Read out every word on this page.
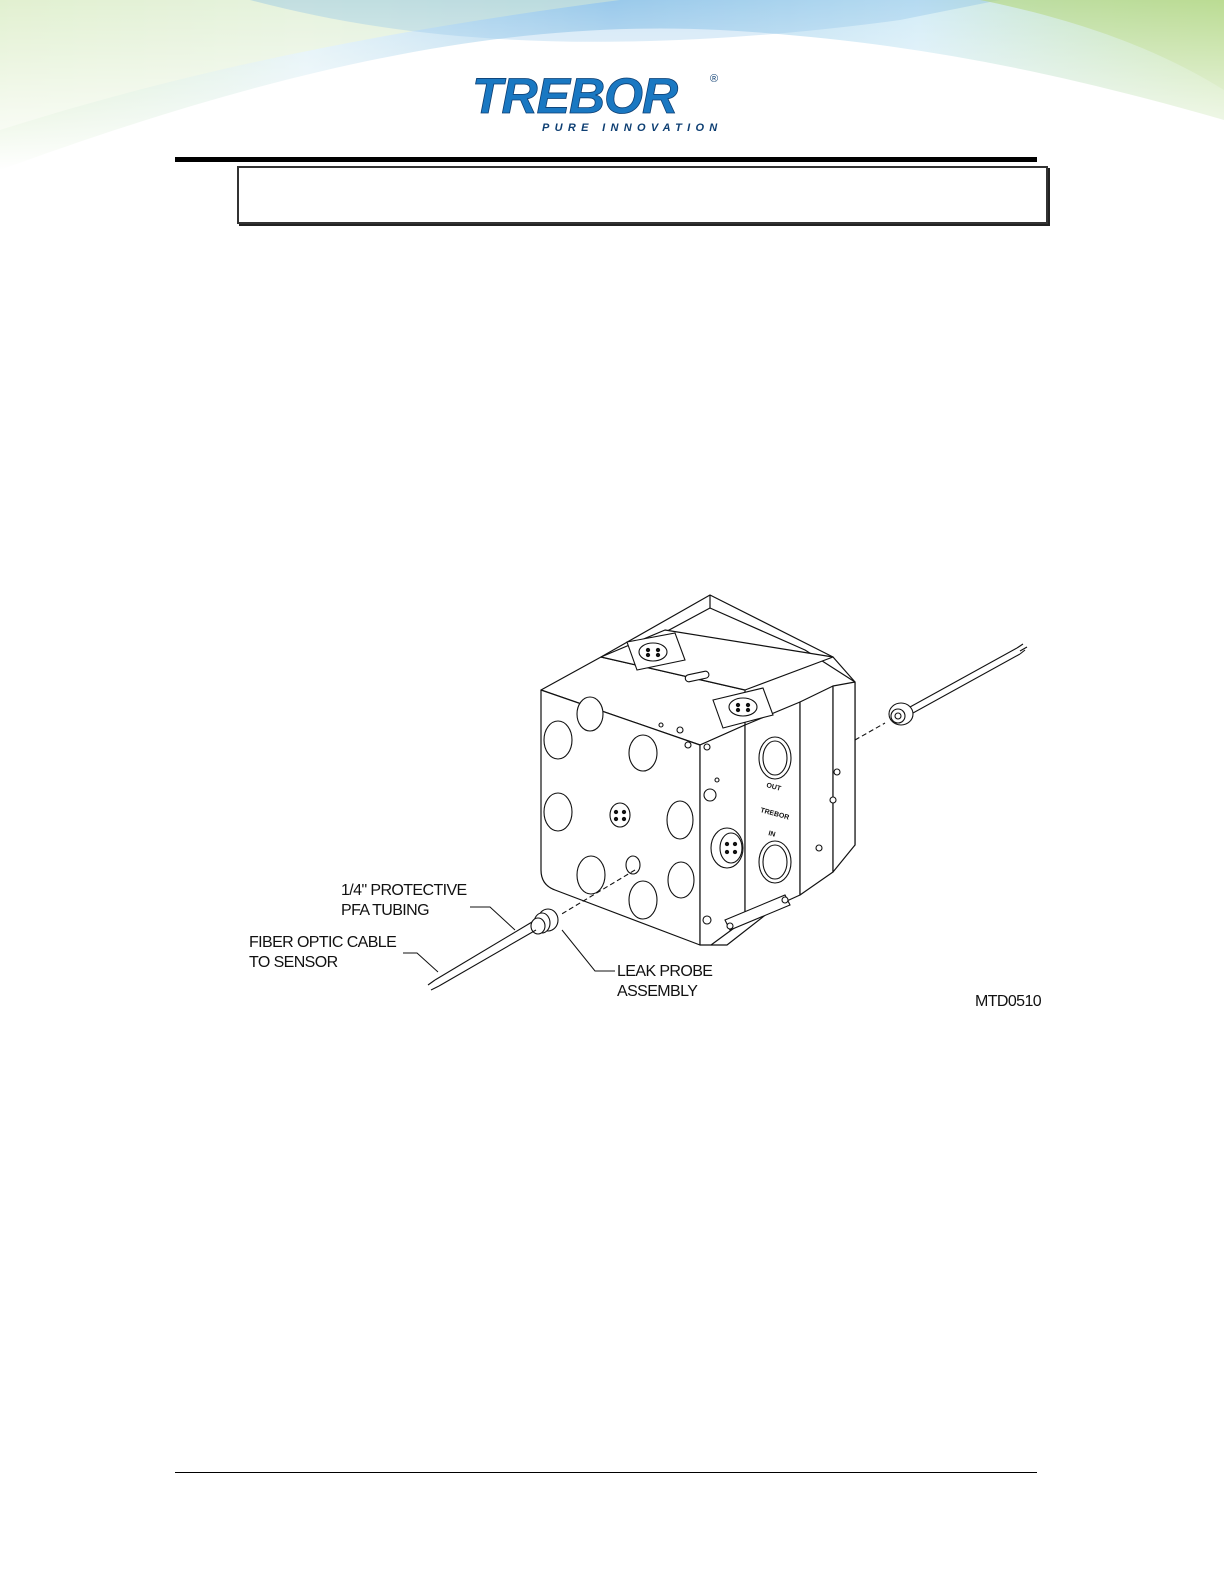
TREBOR	®
PURE INNOVATION
OUT
TREBOR
IN
1/4" PROTECTIVE
PFA TUBING
FIBER OPTIC CABLE
TO SENSOR
LEAK PROBE
ASSEMBLY
MTD0510
